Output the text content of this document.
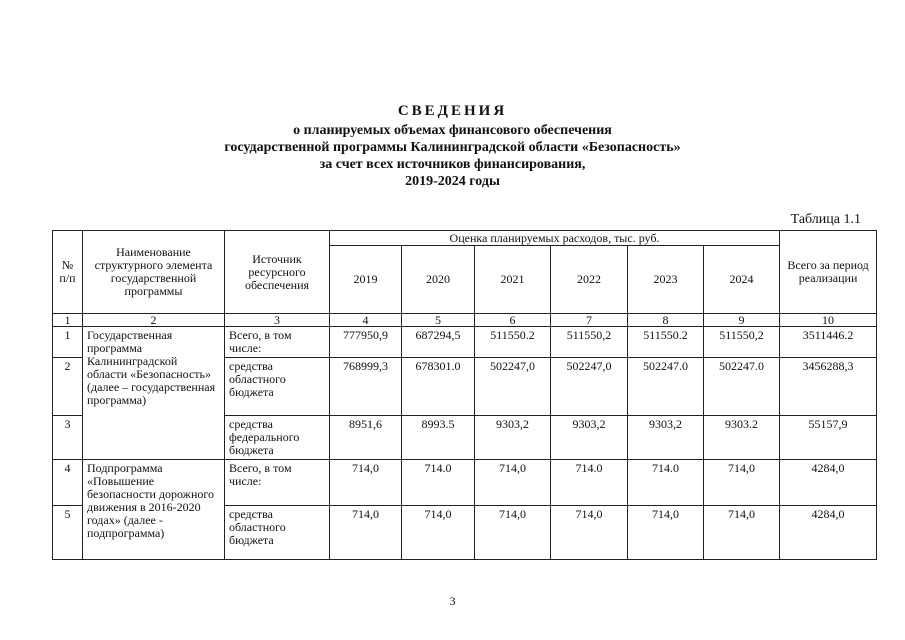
СВЕДЕНИЯ
о планируемых объемах финансового обеспечения
государственной программы Калининградской области «Безопасность»
за счет всех источников финансирования,
2019-2024 годы
Таблица 1.1
№ п/п	Наименование структурного элемента государственной программы	Источник ресурсного обеспечения	Оценка планируемых расходов, тыс. руб.						Всего за период реализации
			2019	2020	2021	2022	2023	2024	
1	2	3	4	5	6	7	8	9	10
1	Государственная программа Калининградской области «Безопасность» (далее – государственная программа)	Всего, в том числе:	777950,9	687294,5	511550.2	511550,2	511550.2	511550,2	3511446.2
2		средства областного бюджета	768999,3	678301.0	502247,0	502247,0	502247.0	502247.0	3456288,3
3		средства федерального бюджета	8951,6	8993.5	9303,2	9303,2	9303,2	9303.2	55157,9
4	Подпрограмма «Повышение безопасности дорожного движения в 2016-2020 годах» (далее - подпрограмма)	Всего, в том числе:	714,0	714.0	714,0	714.0	714.0	714,0	4284,0
5		средства областного бюджета	714,0	714,0	714,0	714,0	714,0	714,0	4284,0
3
